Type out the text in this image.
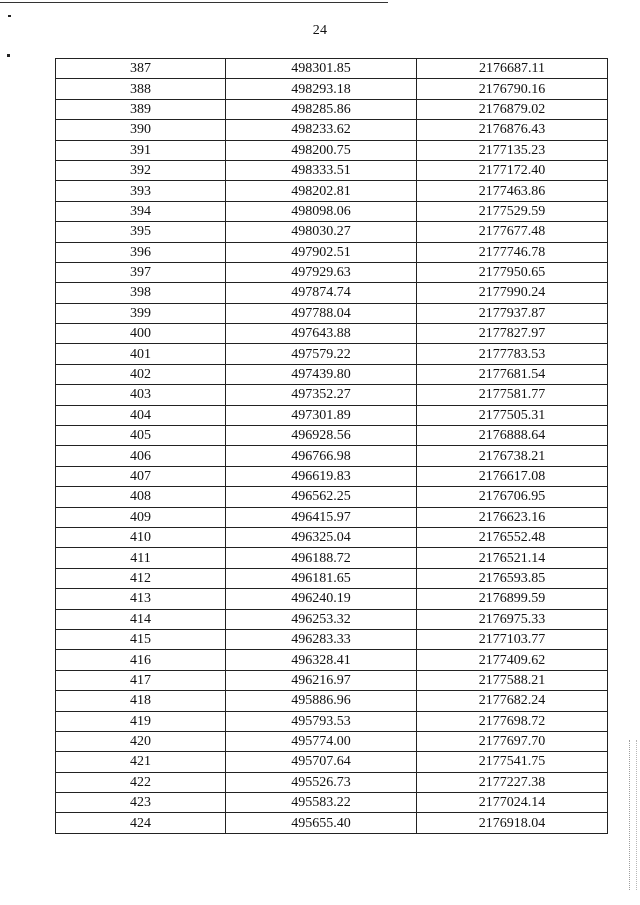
24
387	498301.85	2176687.11
388	498293.18	2176790.16
389	498285.86	2176879.02
390	498233.62	2176876.43
391	498200.75	2177135.23
392	498333.51	2177172.40
393	498202.81	2177463.86
394	498098.06	2177529.59
395	498030.27	2177677.48
396	497902.51	2177746.78
397	497929.63	2177950.65
398	497874.74	2177990.24
399	497788.04	2177937.87
400	497643.88	2177827.97
401	497579.22	2177783.53
402	497439.80	2177681.54
403	497352.27	2177581.77
404	497301.89	2177505.31
405	496928.56	2176888.64
406	496766.98	2176738.21
407	496619.83	2176617.08
408	496562.25	2176706.95
409	496415.97	2176623.16
410	496325.04	2176552.48
411	496188.72	2176521.14
412	496181.65	2176593.85
413	496240.19	2176899.59
414	496253.32	2176975.33
415	496283.33	2177103.77
416	496328.41	2177409.62
417	496216.97	2177588.21
418	495886.96	2177682.24
419	495793.53	2177698.72
420	495774.00	2177697.70
421	495707.64	2177541.75
422	495526.73	2177227.38
423	495583.22	2177024.14
424	495655.40	2176918.04
